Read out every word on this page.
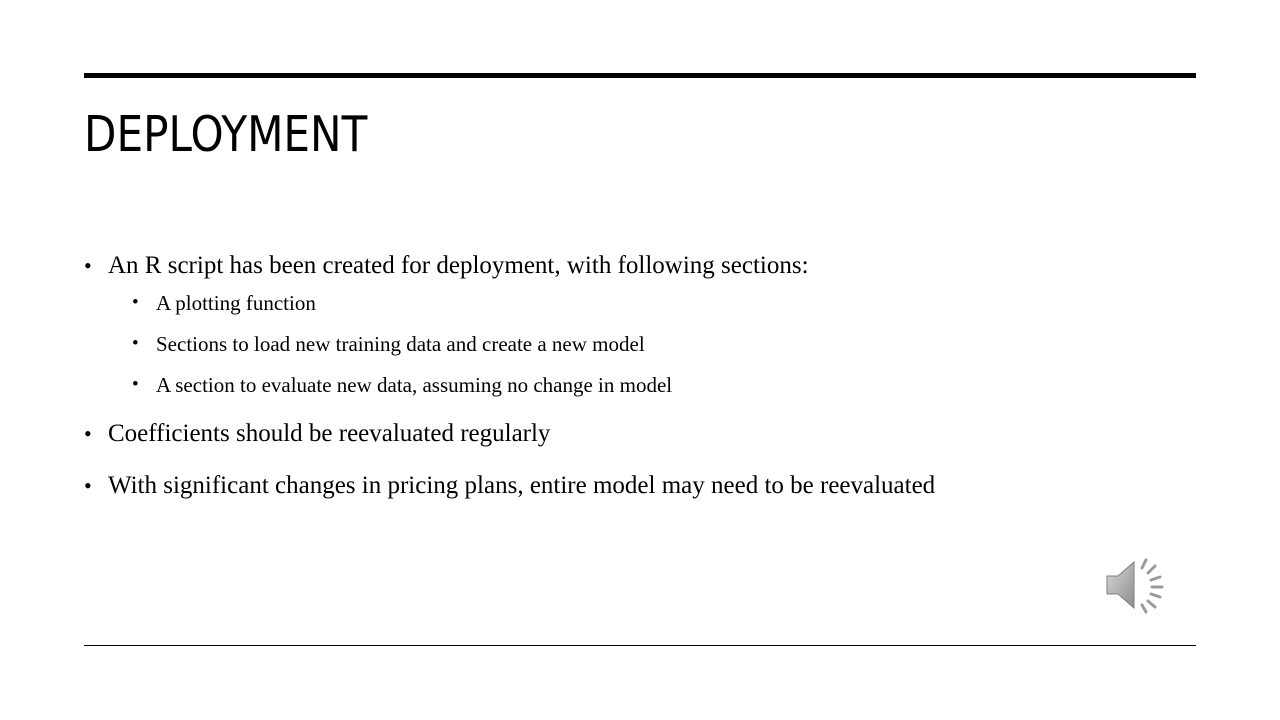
DEPLOYMENT
• An R script has been created for deployment, with following sections:
• A plotting function
• Sections to load new training data and create a new model
• A section to evaluate new data, assuming no change in model
• Coefficients should be reevaluated regularly
• With significant changes in pricing plans, entire model may need to be reevaluated
